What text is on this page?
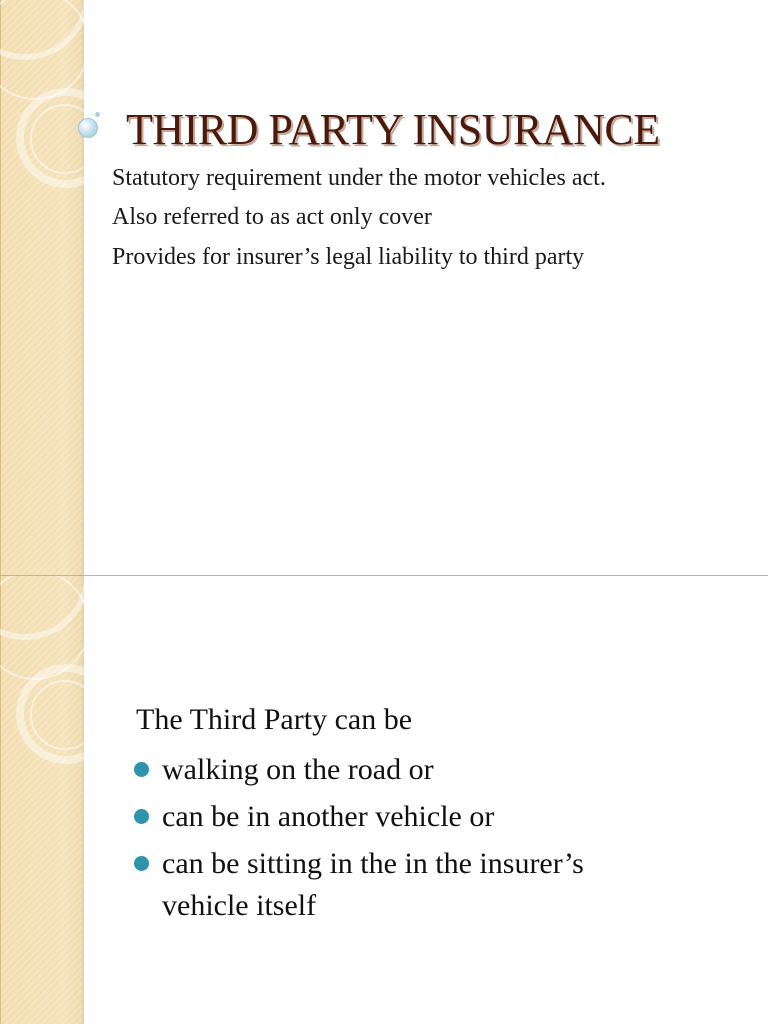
THIRD PARTY INSURANCE
Statutory requirement under the motor vehicles act.
Also referred to as act only cover
Provides for insurer’s legal liability to third party
The Third Party can be
walking on the road or
can be in another vehicle or
can be sitting in the in the insurer’s vehicle itself
